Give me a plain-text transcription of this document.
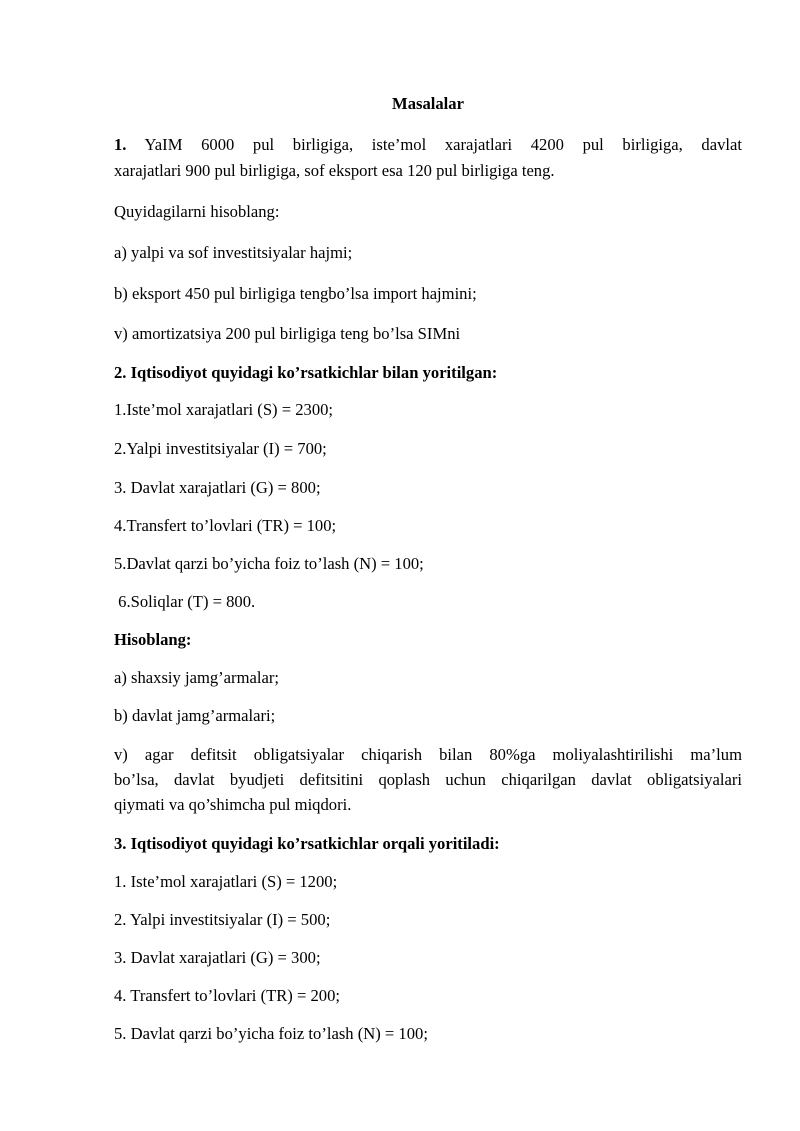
Masalalar
1. YaIM 6000 pul birligiga, iste’mol xarajatlari 4200 pul birligiga, davlat
xarajatlari 900 pul birligiga, sof eksport esa 120 pul birligiga teng.
Quyidagilarni hisoblang:
a) yalpi va sof investitsiyalar hajmi;
b) eksport 450 pul birligiga tengbo’lsa import hajmini;
v) amortizatsiya 200 pul birligiga teng bo’lsa SIMni
2. Iqtisodiyot quyidagi ko’rsatkichlar bilan yoritilgan:
1.Iste’mol xarajatlari (S) = 2300;
2.Yalpi investitsiyalar (I) = 700;
3. Davlat xarajatlari (G) = 800;
4.Transfert to’lovlari (TR) = 100;
5.Davlat qarzi bo’yicha foiz to’lash (N) = 100;
6.Soliqlar (T) = 800.
Hisoblang:
a) shaxsiy jamg’armalar;
b) davlat jamg’armalari;
v) agar defitsit obligatsiyalar chiqarish bilan 80%ga moliyalashtirilishi ma’lum
bo’lsa, davlat byudjeti defitsitini qoplash uchun chiqarilgan davlat obligatsiyalari
qiymati va qo’shimcha pul miqdori.
3. Iqtisodiyot quyidagi ko’rsatkichlar orqali yoritiladi:
1. Iste’mol xarajatlari (S) = 1200;
2. Yalpi investitsiyalar (I) = 500;
3. Davlat xarajatlari (G) = 300;
4. Transfert to’lovlari (TR) = 200;
5. Davlat qarzi bo’yicha foiz to’lash (N) = 100;
